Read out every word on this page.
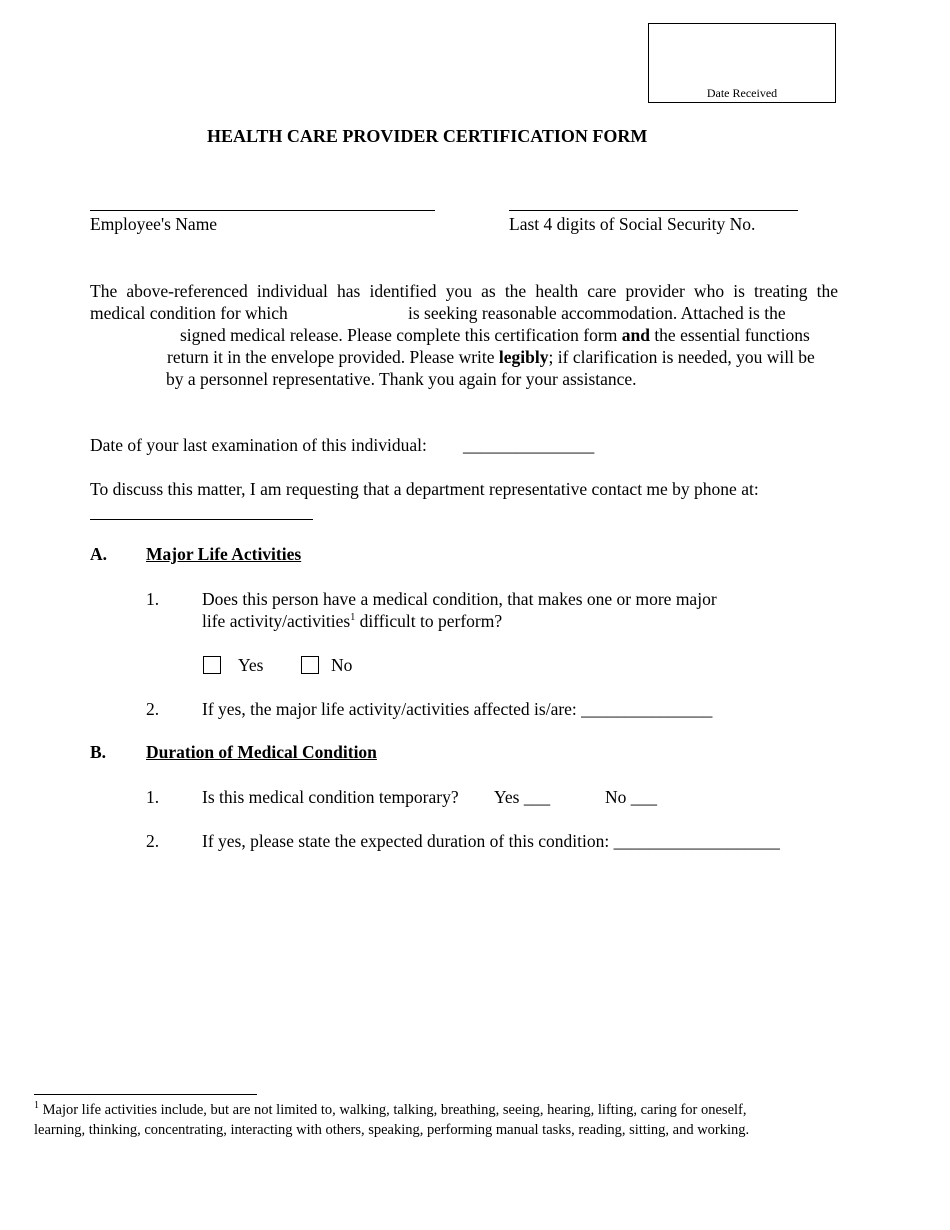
Date Received
HEALTH CARE PROVIDER CERTIFICATION FORM
Employee's Name	Last 4 digits of Social Security No.
The above-referenced individual has identified you as the health care provider who is treating the
medical condition for which	is seeking reasonable accommodation. Attached is the
signed medical release. Please complete this certification form and the essential functions
return it in the envelope provided. Please write legibly; if clarification is needed, you will be
by a personnel representative. Thank you again for your assistance.
Date of your last examination of this individual: _______________
To discuss this matter, I am requesting that a department representative contact me by phone at:
A. Major Life Activities
1. Does this person have a medical condition, that makes one or more major
life activity/activities$^1$ difficult to perform?
Yes	No
2. If yes, the major life activity/activities affected is/are: _______________
B. Duration of Medical Condition
1. Is this medical condition temporary? Yes ___	No ___
2. If yes, please state the expected duration of this condition: ___________________
$^1$ Major life activities include, but are not limited to, walking, talking, breathing, seeing, hearing, lifting, caring for oneself,
learning, thinking, concentrating, interacting with others, speaking, performing manual tasks, reading, sitting, and working.
